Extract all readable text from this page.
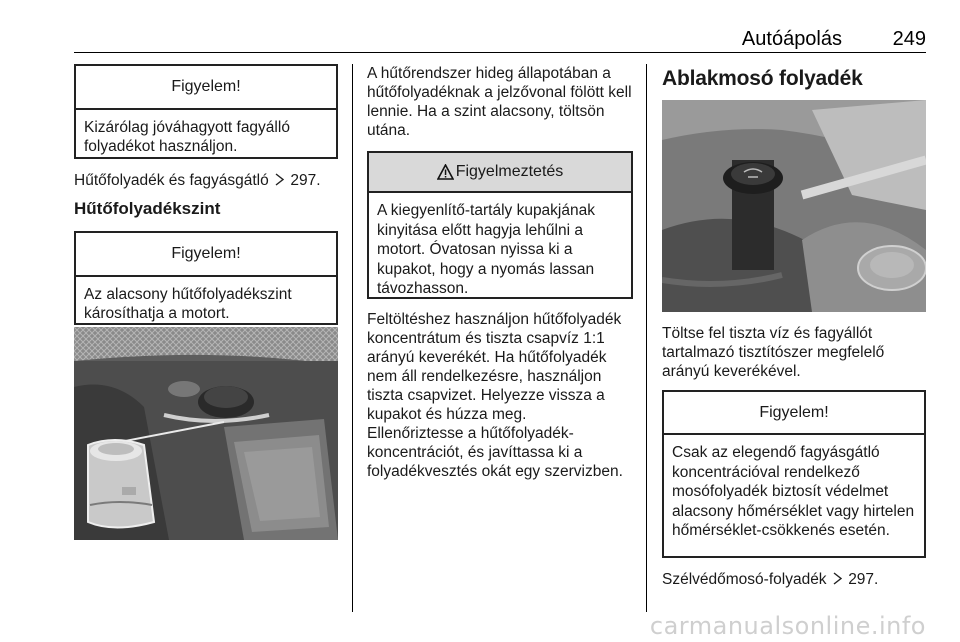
Autóápolás	249
Figyelem!
Kizárólag jóváhagyott fagyálló folyadékot használjon.

Hűtőfolyadék és fagyásgátló 297.

Hűtőfolyadékszint
Figyelem!
Az alacsony hűtőfolyadékszint károsíthatja a motort.

A hűtőrendszer hideg állapotában a hűtőfolyadéknak a jelzővonal fölött kell lennie. Ha a szint alacsony, töltsön utána.

Figyelmeztetés
A kiegyenlítő-tartály kupakjának kinyitása előtt hagyja lehűlni a motort. Óvatosan nyissa ki a kupakot, hogy a nyomás lassan távozhasson.

Feltöltéshez használjon hűtőfolyadék koncentrátum és tiszta csapvíz 1:1 arányú keverékét. Ha hűtőfolyadék nem áll rendelkezésre, használjon tiszta csapvizet. Helyezze vissza a kupakot és húzza meg.

Ellenőriztesse a hűtőfolyadék-koncentrációt, és javíttassa ki a folyadékvesztés okát egy szervizben.

Ablakmosó folyadék

Töltse fel tiszta víz és fagyállót tartalmazó tisztítószer megfelelő arányú keverékével.

Figyelem!
Csak az elegendő fagyásgátló koncentrációval rendelkező mosófolyadék biztosít védelmet alacsony hőmérséklet vagy hirtelen hőmérséklet-csökkenés esetén.

Szélvédőmosó-folyadék 297.

carmanualsonline.info
